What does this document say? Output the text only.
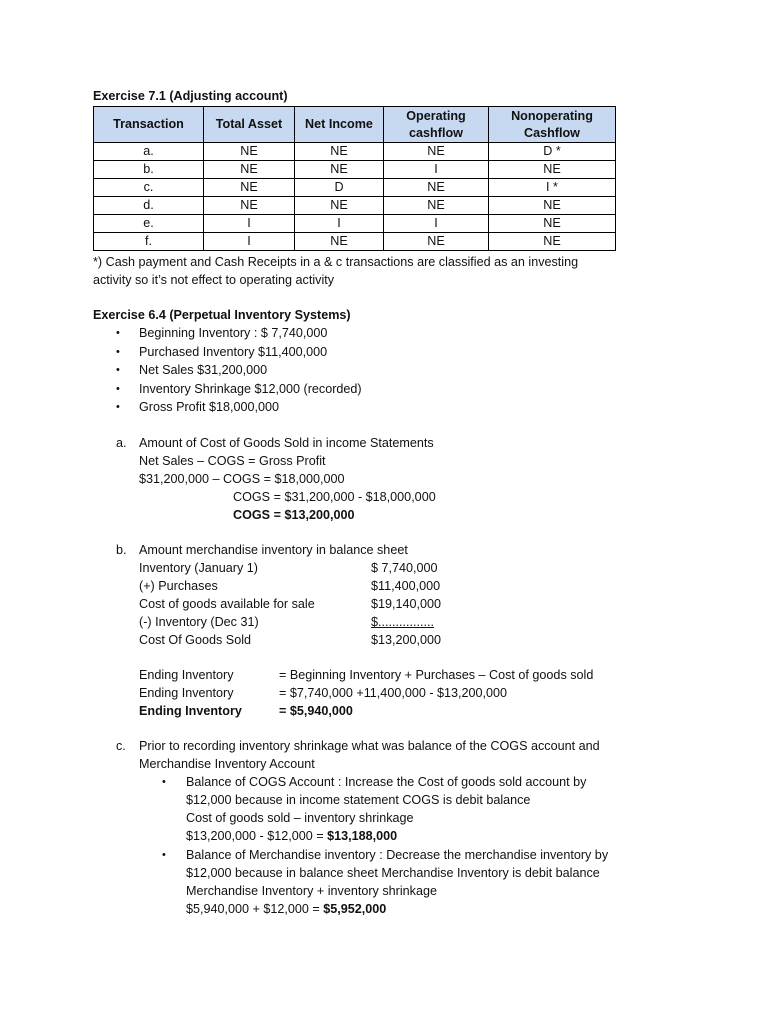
Exercise 7.1 (Adjusting account)
Transaction	Total Asset	Net Income	Operating cashflow	Nonoperating Cashflow
a.	NE	NE	NE	D *
b.	NE	NE	I	NE
c.	NE	D	NE	I *
d.	NE	NE	NE	NE
e.	I	I	I	NE
f.	I	NE	NE	NE
*) Cash payment and Cash Receipts in a & c transactions are classified as an investing
activity so it’s not effect to operating activity
Exercise 6.4 (Perpetual Inventory Systems)
• Beginning Inventory : $ 7,740,000
• Purchased Inventory $11,400,000
• Net Sales $31,200,000
• Inventory Shrinkage $12,000 (recorded)
• Gross Profit $18,000,000
a. Amount of Cost of Goods Sold in income Statements
Net Sales – COGS = Gross Profit
$31,200,000 – COGS = $18,000,000
COGS = $31,200,000 - $18,000,000
COGS = $13,200,000
b. Amount merchandise inventory in balance sheet
Inventory (January 1)	$ 7,740,000
(+) Purchases	$11,400,000
Cost of goods available for sale	$19,140,000
(-) Inventory (Dec 31)	$................
Cost Of Goods Sold	$13,200,000
Ending Inventory	= Beginning Inventory + Purchases – Cost of goods sold
Ending Inventory	= $7,740,000 +11,400,000 - $13,200,000
Ending Inventory	= $5,940,000
c. Prior to recording inventory shrinkage what was balance of the COGS account and
Merchandise Inventory Account
• Balance of COGS Account : Increase the Cost of goods sold account by
$12,000 because in income statement COGS is debit balance
Cost of goods sold – inventory shrinkage
$13,200,000 - $12,000 = $13,188,000
• Balance of Merchandise inventory : Decrease the merchandise inventory by
$12,000 because in balance sheet Merchandise Inventory is debit balance
Merchandise Inventory + inventory shrinkage
$5,940,000 + $12,000 = $5,952,000
